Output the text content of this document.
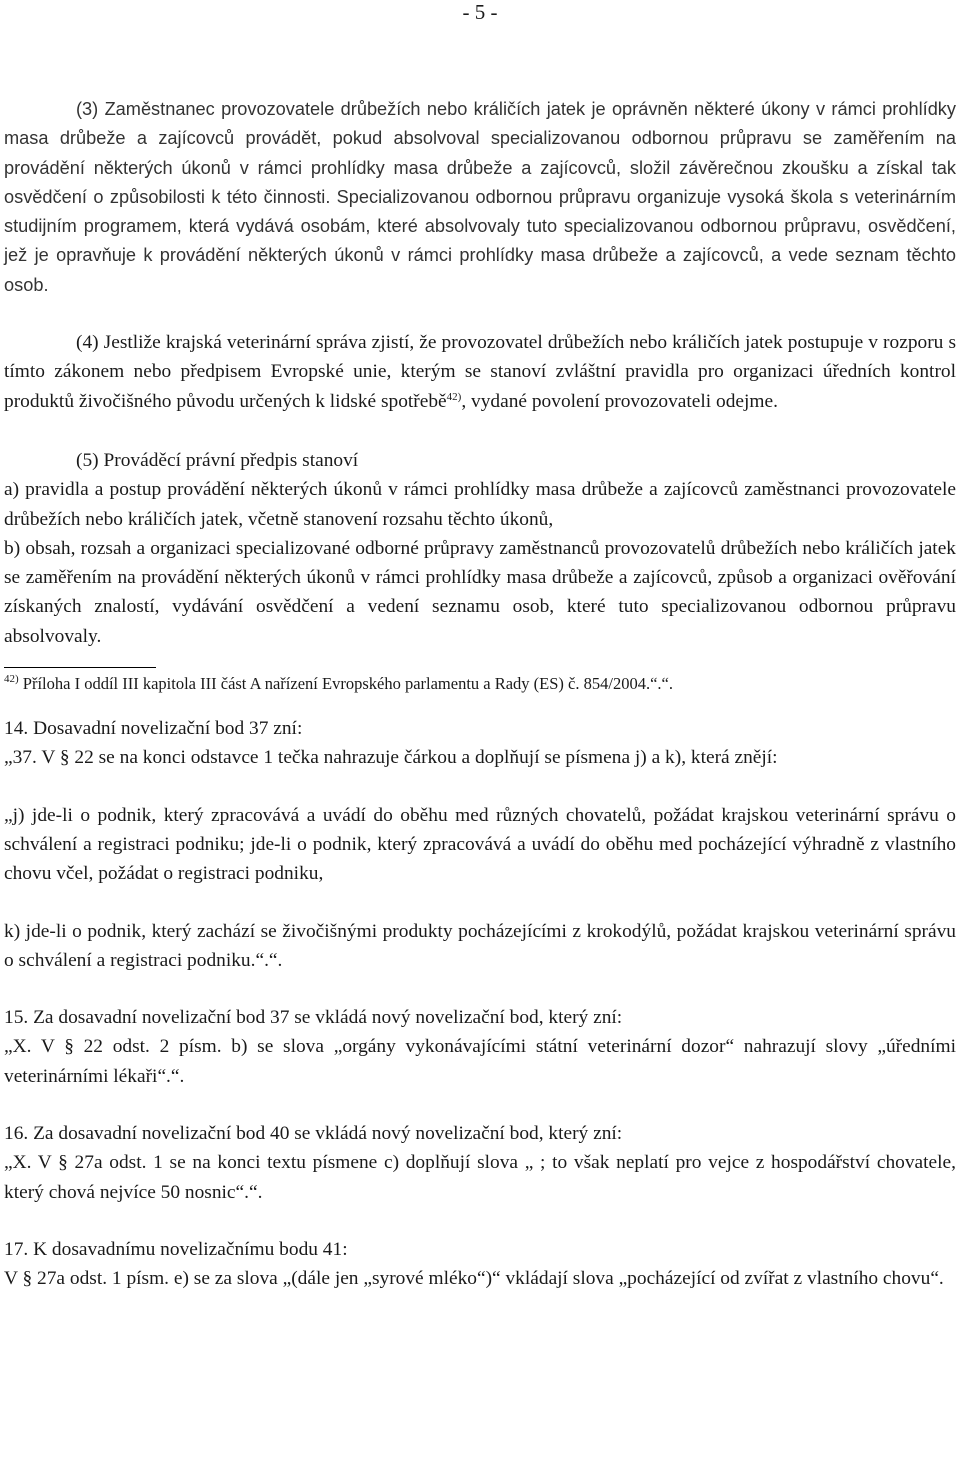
- 5 -

(3) Zaměstnanec provozovatele drůbežích nebo králičích jatek je oprávněn některé úkony v rámci prohlídky masa drůbeže a zajícovců provádět, pokud absolvoval specializovanou odbornou průpravu se zaměřením na provádění některých úkonů v rámci prohlídky masa drůbeže a zajícovců, složil závěrečnou zkoušku a získal tak osvědčení o způsobilosti k této činnosti. Specializovanou odbornou průpravu organizuje vysoká škola s veterinárním studijním programem, která vydává osobám, které absolvovaly tuto specializovanou odbornou průpravu, osvědčení, jež je opravňuje k provádění některých úkonů v rámci prohlídky masa drůbeže a zajícovců, a vede seznam těchto osob.

(4) Jestliže krajská veterinární správa zjistí, že provozovatel drůbežích nebo králičích jatek postupuje v rozporu s tímto zákonem nebo předpisem Evropské unie, kterým se stanoví zvláštní pravidla pro organizaci úředních kontrol produktů živočišného původu určených k lidské spotřebě$^{42)}$, vydané povolení provozovateli odejme.

(5) Prováděcí právní předpis stanoví

a) pravidla a postup provádění některých úkonů v rámci prohlídky masa drůbeže a zajícovců zaměstnanci provozovatele drůbežích nebo králičích jatek, včetně stanovení rozsahu těchto úkonů,

b) obsah, rozsah a organizaci specializované odborné průpravy zaměstnanců provozovatelů drůbežích nebo králičích jatek se zaměřením na provádění některých úkonů v rámci prohlídky masa drůbeže a zajícovců, způsob a organizaci ověřování získaných znalostí, vydávání osvědčení a vedení seznamu osob, které tuto specializovanou odbornou průpravu absolvovaly.

$^{42)}$ Příloha I oddíl III kapitola III část A nařízení Evropského parlamentu a Rady (ES) č. 854/2004.“.“.

14. Dosavadní novelizační bod 37 zní:

„37. V § 22 se na konci odstavce 1 tečka nahrazuje čárkou a doplňují se písmena j) a k), která znějí:

„j) jde-li o podnik, který zpracovává a uvádí do oběhu med různých chovatelů, požádat krajskou veterinární správu o schválení a registraci podniku; jde-li o podnik, který zpracovává a uvádí do oběhu med pocházející výhradně z vlastního chovu včel, požádat o registraci podniku,

k) jde-li o podnik, který zachází se živočišnými produkty pocházejícími z krokodýlů, požádat krajskou veterinární správu o schválení a registraci podniku.“.“.

15. Za dosavadní novelizační bod 37 se vkládá nový novelizační bod, který zní:

„X. V § 22 odst. 2 písm. b) se slova „orgány vykonávajícími státní veterinární dozor“ nahrazují slovy „úředními veterinárními lékaři“.“.

16. Za dosavadní novelizační bod 40 se vkládá nový novelizační bod, který zní:

„X. V § 27a odst. 1 se na konci textu písmene c) doplňují slova „ ; to však neplatí pro vejce z hospodářství chovatele, který chová nejvíce 50 nosnic“.“.

17. K dosavadnímu novelizačnímu bodu 41:

V § 27a odst. 1 písm. e) se za slova „(dále jen „syrové mléko“)“ vkládají slova „pocházející od zvířat z vlastního chovu“.
